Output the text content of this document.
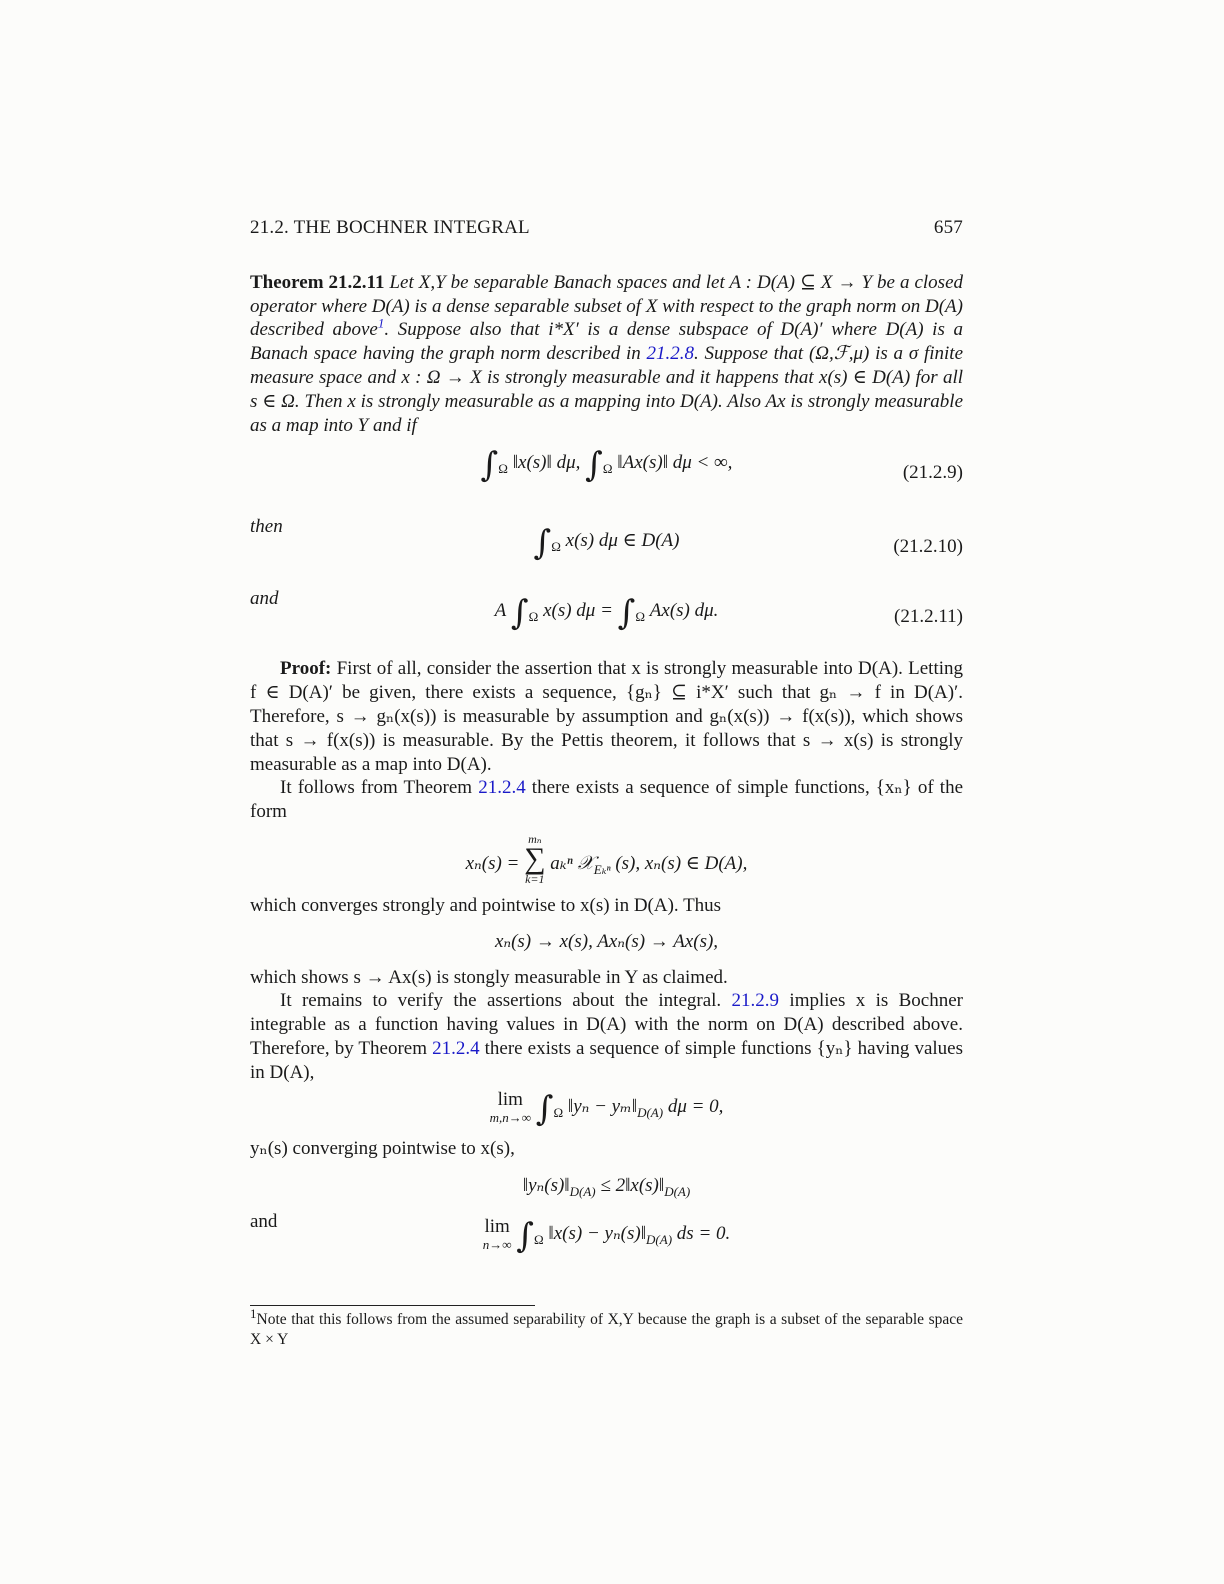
21.2. THE BOCHNER INTEGRAL	657
Theorem 21.2.11 Let X,Y be separable Banach spaces and let A : D(A) ⊆ X → Y be a closed operator where D(A) is a dense separable subset of X with respect to the graph norm on D(A) described above$^1$. Suppose also that i*X′ is a dense subspace of D(A)′ where D(A) is a Banach space having the graph norm described in 21.2.8. Suppose that (Ω,ℱ,μ) is a σ finite measure space and x : Ω → X is strongly measurable and it happens that x(s) ∈ D(A) for all s ∈ Ω. Then x is strongly measurable as a mapping into D(A). Also Ax is strongly measurable as a map into Y and if
$\int_\Omega$ ‖x(s)‖ dμ, $\int_\Omega$ ‖Ax(s)‖ dμ < ∞,	(21.2.9)
then	$\int_\Omega$ x(s) dμ ∈ D(A)	(21.2.10)
and
A $\int_\Omega$ x(s) $d\mu = \int_\Omega$ Ax(s) dμ.	(21.2.11)

Proof: First of all, consider the assertion that x is strongly measurable into D(A). Letting f ∈ D(A)′ be given, there exists a sequence, {gₙ} ⊆ i*X′ such that gₙ → f in D(A)′. Therefore, s → gₙ(x(s)) is measurable by assumption and gₙ(x(s)) → f(x(s)), which shows that s → f(x(s)) is measurable. By the Pettis theorem, it follows that s → x(s) is strongly measurable as a map into D(A).

It follows from Theorem 21.2.4 there exists a sequence of simple functions, {xₙ} of the form

xₙ(s) =
mₙ
∑
k=1
aₖⁿ 𝒳$_{E_k^n}$ (s), xₙ(s) ∈ D(A),

which converges strongly and pointwise to x(s) in D(A). Thus

xₙ(s) → x(s), Axₙ(s) → Ax(s),

which shows s → Ax(s) is stongly measurable in Y as claimed.

It remains to verify the assertions about the integral. 21.2.9 implies x is Bochner integrable as a function having values in D(A) with the norm on D(A) described above. Therefore, by Theorem 21.2.4 there exists a sequence of simple functions {yₙ} having values in D(A),

lim
m,n→∞ $\int_\Omega$ ‖yₙ − $y_m‖_{D(A)}$ dμ = 0,

yₙ(s) converging pointwise to x(s),

$‖y_n(s)‖_{D(A)}$ ≤ $2‖x(s)‖_{D(A)}$
and	lim
n→∞ $\int_\Omega$ ‖x(s) − $y_n(s)‖_{D(A)}$ ds = 0.
$^1$Note that this follows from the assumed separability of X,Y because the graph is a subset of the separable space X × Y
